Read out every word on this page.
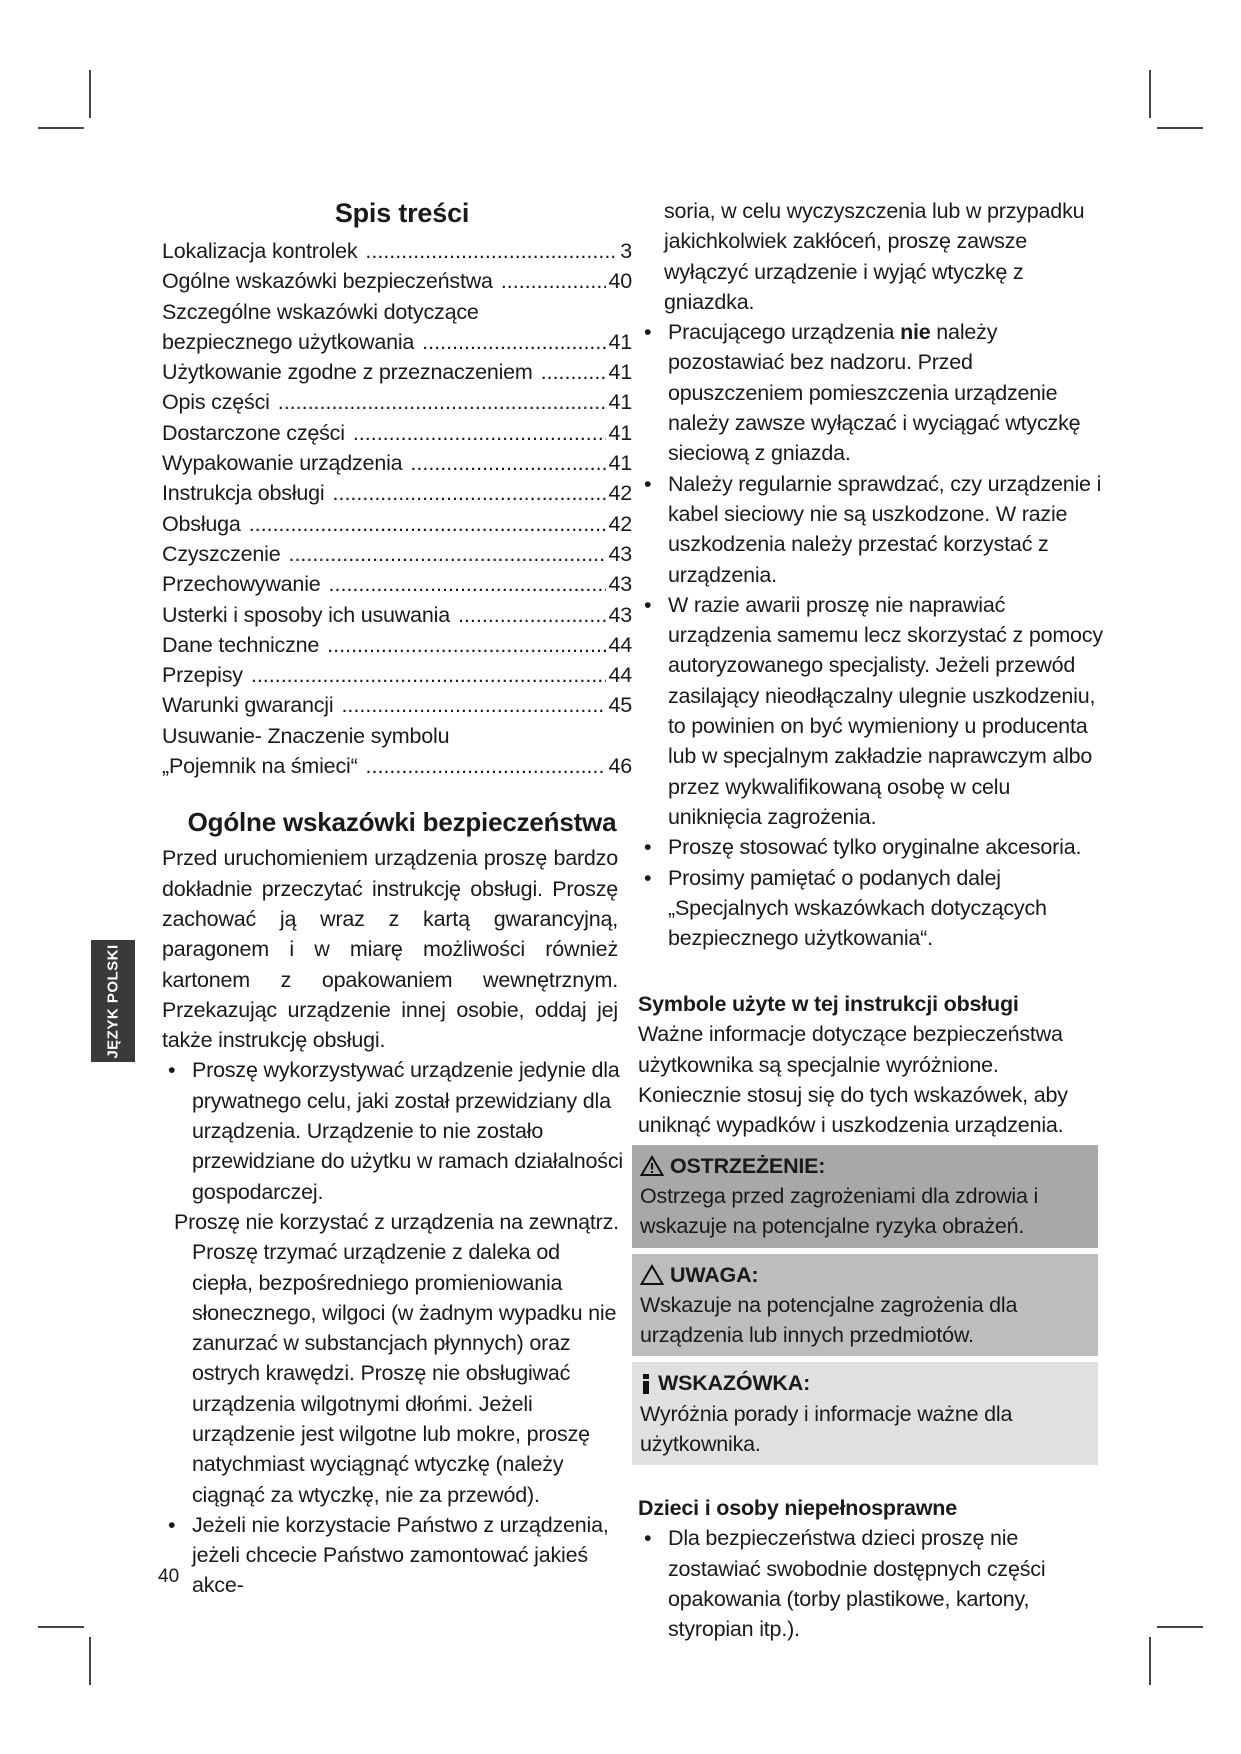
JĘZYK POLSKI
Spis treści
Lokalizacja kontrolek .....	3
Ogólne wskazówki bezpieczeństwa .....	40
Szczególne wskazówki dotyczące
bezpiecznego użytkowania .....	41
Użytkowanie zgodne z przeznaczeniem .....	41
Opis części .....	41
Dostarczone części .....	41
Wypakowanie urządzenia .....	41
Instrukcja obsługi .....	42
Obsługa .....	42
Czyszczenie .....	43
Przechowywanie .....	43
Usterki i sposoby ich usuwania .....	43
Dane techniczne .....	44
Przepisy .....	44
Warunki gwarancji .....	45
Usuwanie- Znaczenie symbolu
„Pojemnik na śmieci“ .....	46
Ogólne wskazówki bezpieczeństwa

Przed uruchomieniem urządzenia proszę bardzo dokładnie przeczytać instrukcję obsługi. Proszę zachować ją wraz z kartą gwarancyjną, paragonem i w miarę możliwości również kartonem z opakowaniem wewnętrznym. Przekazując urządzenie innej osobie, oddaj jej także instrukcję obsługi.

• Proszę wykorzystywać urządzenie jedynie dla prywatnego celu, jaki został przewidziany dla urządzenia. Urządzenie to nie zostało przewidziane do użytku w ramach działalności gospodarczej.

Proszę nie korzystać z urządzenia na zewnątrz. Proszę trzymać urządzenie z daleka od ciepła, bezpośredniego promieniowania słonecznego, wilgoci (w żadnym wypadku nie zanurzać w substancjach płynnych) oraz ostrych krawędzi. Proszę nie obsługiwać urządzenia wilgotnymi dłońmi. Jeżeli urządzenie jest wilgotne lub mokre, proszę natychmiast wyciągnąć wtyczkę (należy ciągnąć za wtyczkę, nie za przewód).

• Jeżeli nie korzystacie Państwo z urządzenia, jeżeli chcecie Państwo zamontować jakieś akce-
soria, w celu wyczyszczenia lub w przypadku jakichkolwiek zakłóceń, proszę zawsze wyłączyć urządzenie i wyjąć wtyczkę z gniazdka.
• Pracującego urządzenia nie należy pozostawiać bez nadzoru. Przed opuszczeniem pomieszczenia urządzenie należy zawsze wyłączać i wyciągać wtyczkę sieciową z gniazda.
• Należy regularnie sprawdzać, czy urządzenie i kabel sieciowy nie są uszkodzone. W razie uszkodzenia należy przestać korzystać z urządzenia.
• W razie awarii proszę nie naprawiać urządzenia samemu lecz skorzystać z pomocy autoryzowanego specjalisty. Jeżeli przewód zasilający nieodłączalny ulegnie uszkodzeniu, to powinien on być wymieniony u producenta lub w specjalnym zakładzie naprawczym albo przez wykwalifikowaną osobę w celu uniknięcia zagrożenia.
• Proszę stosować tylko oryginalne akcesoria.
• Prosimy pamiętać o podanych dalej „Specjalnych wskazówkach dotyczących bezpiecznego użytkowania“.
Symbole użyte w tej instrukcji obsługi

Ważne informacje dotyczące bezpieczeństwa użytkownika są specjalnie wyróżnione. Koniecznie stosuj się do tych wskazówek, aby uniknąć wypadków i uszkodzenia urządzenia.

OSTRZEŻENIE:
Ostrzega przed zagrożeniami dla zdrowia i wskazuje na potencjalne ryzyka obrażeń.
UWAGA:
Wskazuje na potencjalne zagrożenia dla urządzenia lub innych przedmiotów.
WSKAZÓWKA:
Wyróżnia porady i informacje ważne dla użytkownika.
Dzieci i osoby niepełnosprawne
• Dla bezpieczeństwa dzieci proszę nie zostawiać swobodnie dostępnych części opakowania (torby plastikowe, kartony, styropian itp.).
40
